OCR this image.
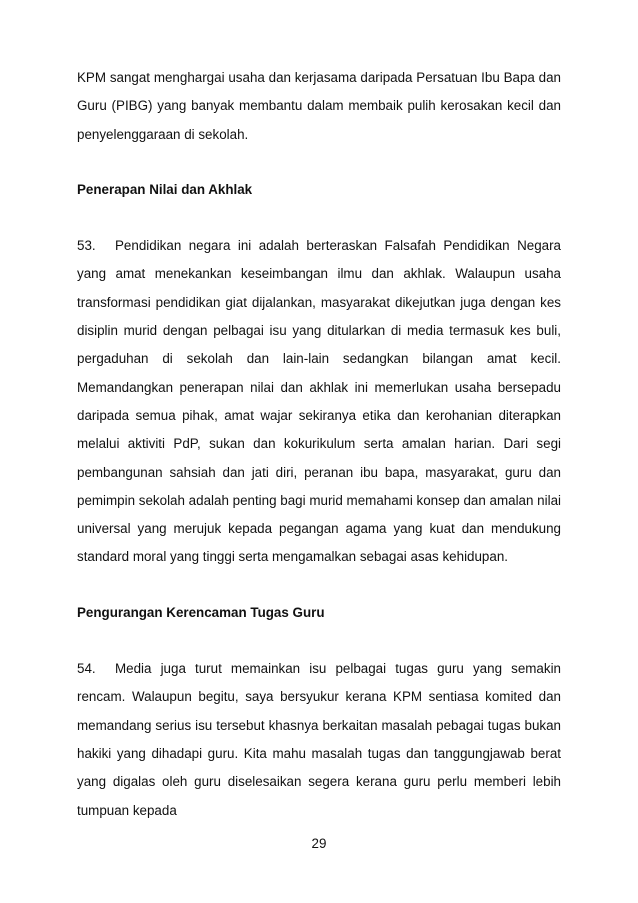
KPM sangat menghargai usaha dan kerjasama daripada Persatuan Ibu Bapa dan Guru (PIBG) yang banyak membantu dalam membaik pulih kerosakan kecil dan penyelenggaraan di sekolah.

Penerapan Nilai dan Akhlak

53. Pendidikan negara ini adalah berteraskan Falsafah Pendidikan Negara yang amat menekankan keseimbangan ilmu dan akhlak. Walaupun usaha transformasi pendidikan giat dijalankan, masyarakat dikejutkan juga dengan kes disiplin murid dengan pelbagai isu yang ditularkan di media termasuk kes buli, pergaduhan di sekolah dan lain-lain sedangkan bilangan amat kecil. Memandangkan penerapan nilai dan akhlak ini memerlukan usaha bersepadu daripada semua pihak, amat wajar sekiranya etika dan kerohanian diterapkan melalui aktiviti PdP, sukan dan kokurikulum serta amalan harian. Dari segi pembangunan sahsiah dan jati diri, peranan ibu bapa, masyarakat, guru dan pemimpin sekolah adalah penting bagi murid memahami konsep dan amalan nilai universal yang merujuk kepada pegangan agama yang kuat dan mendukung standard moral yang tinggi serta mengamalkan sebagai asas kehidupan.

Pengurangan Kerencaman Tugas Guru

54. Media juga turut memainkan isu pelbagai tugas guru yang semakin rencam. Walaupun begitu, saya bersyukur kerana KPM sentiasa komited dan memandang serius isu tersebut khasnya berkaitan masalah pebagai tugas bukan hakiki yang dihadapi guru. Kita mahu masalah tugas dan tanggungjawab berat yang digalas oleh guru diselesaikan segera kerana guru perlu memberi lebih tumpuan kepada

29
